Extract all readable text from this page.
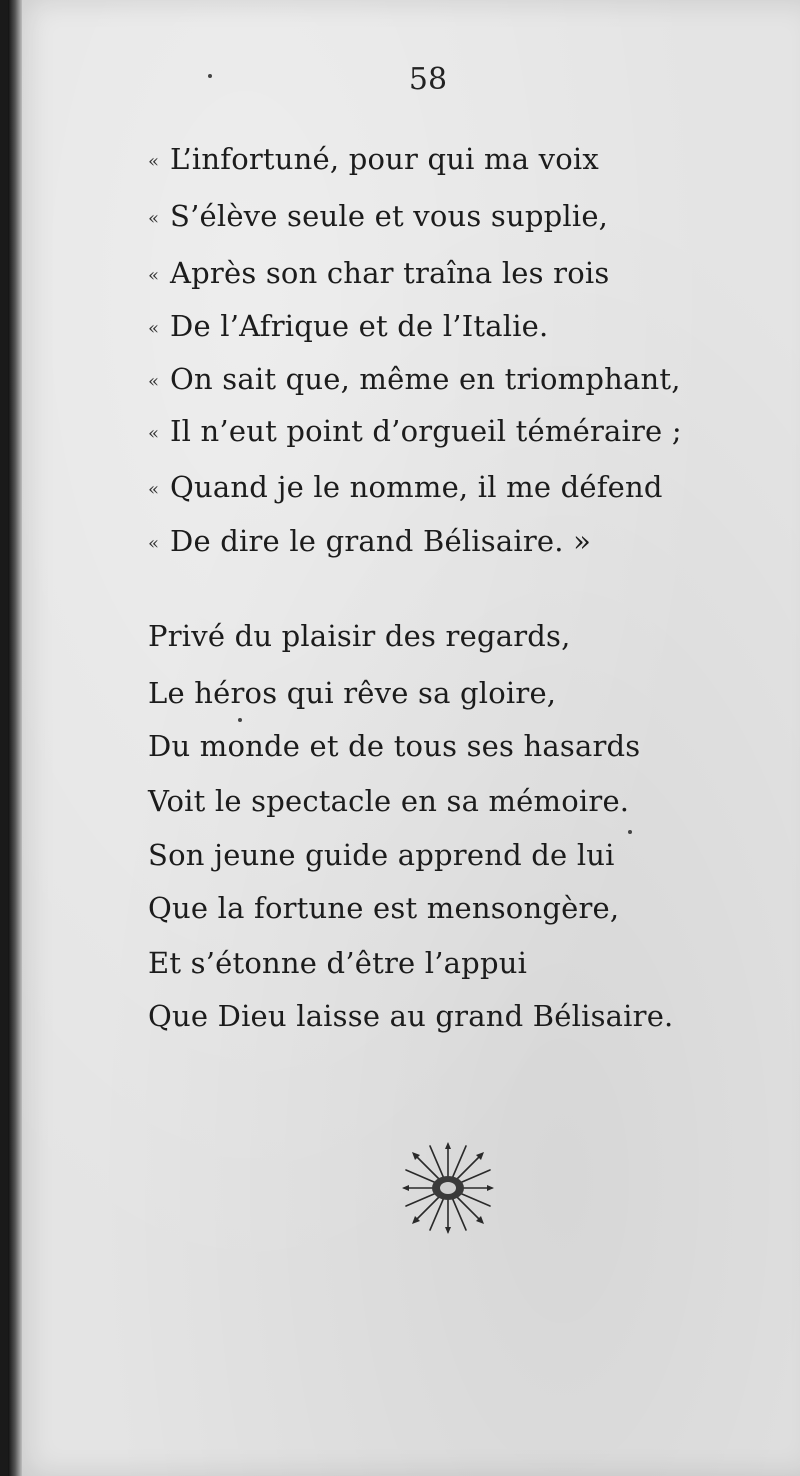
58
« L’infortuné, pour qui ma voix
« S’élève seule et vous supplie,
« Après son char traîna les rois
« De l’Afrique et de l’Italie.
« On sait que, même en triomphant,
« Il n’eut point d’orgueil téméraire ;
« Quand je le nomme, il me défend
« De dire le grand Bélisaire. »
Privé du plaisir des regards,
Le héros qui rêve sa gloire,
Du monde et de tous ses hasards
Voit le spectacle en sa mémoire.
Son jeune guide apprend de lui
Que la fortune est mensongère,
Et s’étonne d’être l’appui
Que Dieu laisse au grand Bélisaire.
